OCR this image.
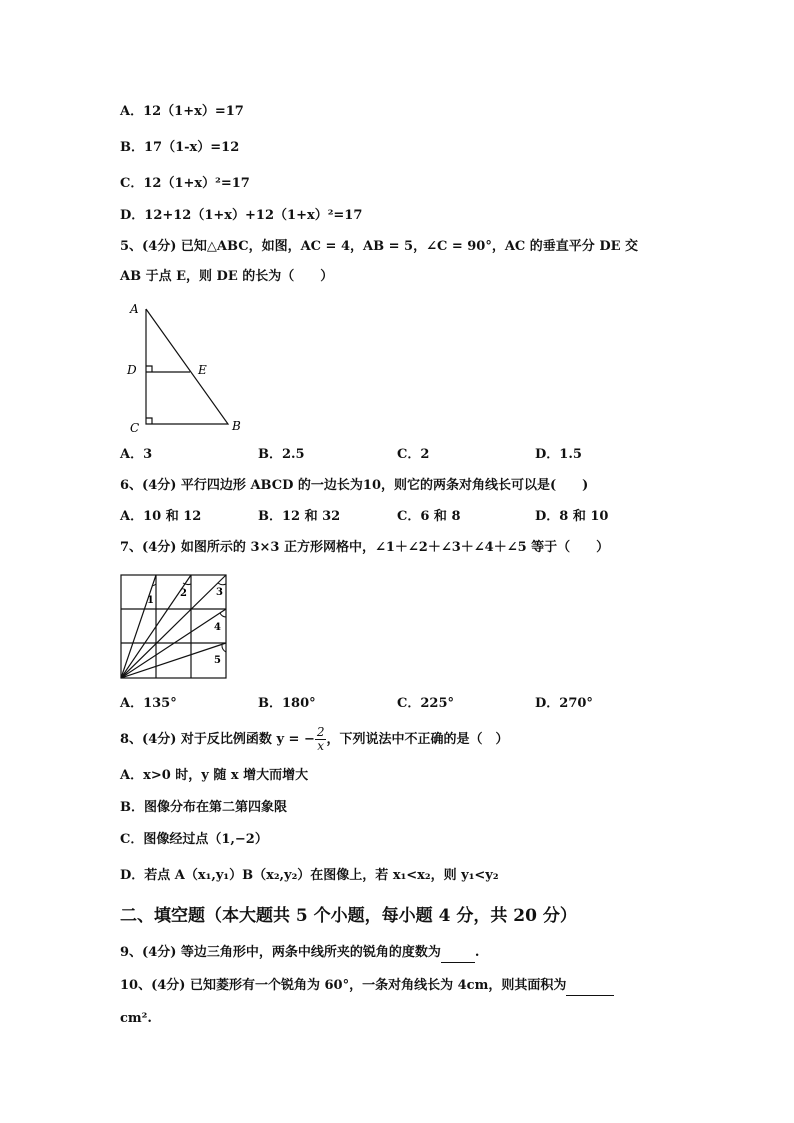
A．12（1+x）=17
B．17（1-x）=12
C．12（1+x）²=17
D．12+12（1+x）+12（1+x）²=17
5、(4分) 已知△ABC，如图，AC = 4，AB = 5，∠C = 90°，AC 的垂直平分 DE 交
AB 于点 E，则 DE 的长为（　　）
A
D	E
C	B
A．3	B．2.5	C．2	D．1.5
6、(4分) 平行四边形 ABCD 的一边长为10，则它的两条对角线长可以是(　　)
A．10 和 12	B．12 和 32	C．6 和 8	D．8 和 10
7、(4分) 如图所示的 3×3 正方形网格中，∠1＋∠2＋∠3＋∠4＋∠5 等于（　　）
1
2	3
4
5
A．135°	B．180°	C．225°	D．270°
8、(4分) 对于反比例函数 y = − $\frac{2}{x}$ ，下列说法中不正确的是（　）
A．x>0 时，y 随 x 增大而增大
B．图像分布在第二第四象限
C．图像经过点（1,−2）
D．若点 A（x₁,y₁）B（x₂,y₂）在图像上，若 x₁<x₂，则 y₁<y₂
二、填空题（本大题共 5 个小题，每小题 4 分，共 20 分）
9、(4分) 等边三角形中，两条中线所夹的锐角的度数为	.
10、(4分) 已知菱形有一个锐角为 60°，一条对角线长为 4cm，则其面积为
cm².
